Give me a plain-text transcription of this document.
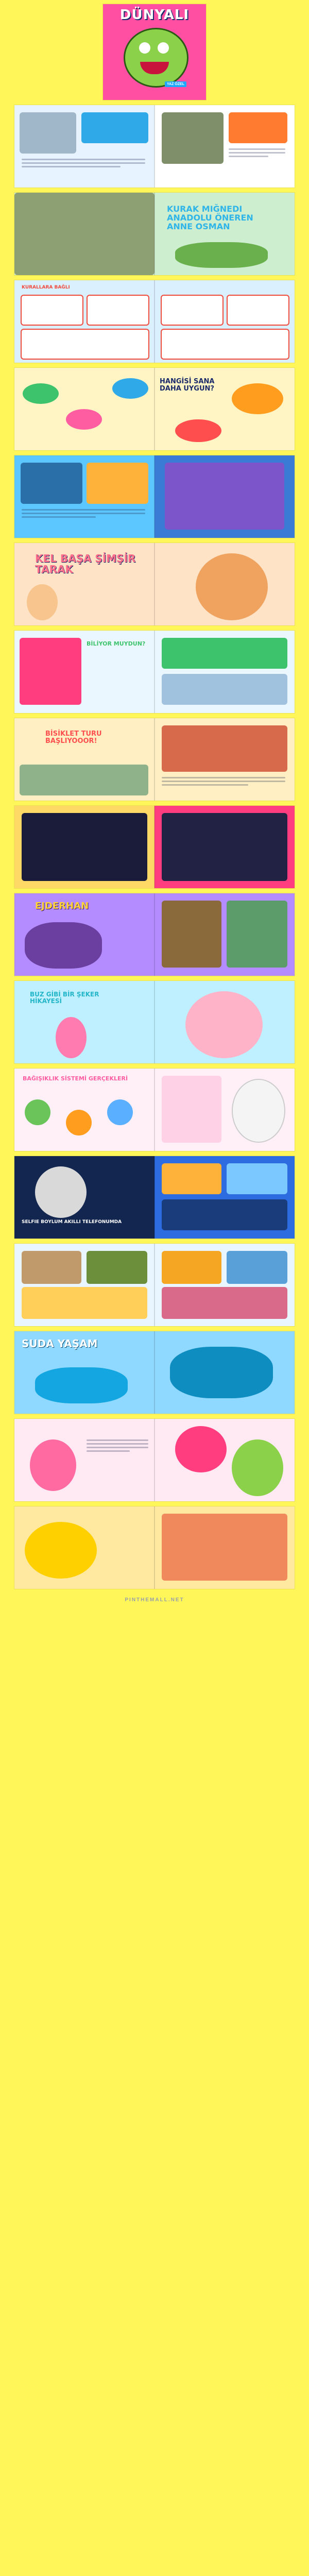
DÜNYALI
YAZ ÖZEL
KURAK MIĞNEDI ANADOLU ÖNEREN ANNE OSMAN
KURALLARA BAĞLI
HANGİSİ SANA DAHA UYGUN?
KEL BAŞA ŞİMŞİR TARAK
BİLİYOR MUYDUN?
BİSİKLET TURU BAŞLIYOOOR!
EJDERHAN
BUZ GİBİ BİR ŞEKER HİKAYESİ
BAĞIŞIKLIK SİSTEMİ GERÇEKLERİ
SELFIE BOYLUM AKILLI TELEFONUMDA
SUDA YAŞAM
PINTHEMALL.NET
